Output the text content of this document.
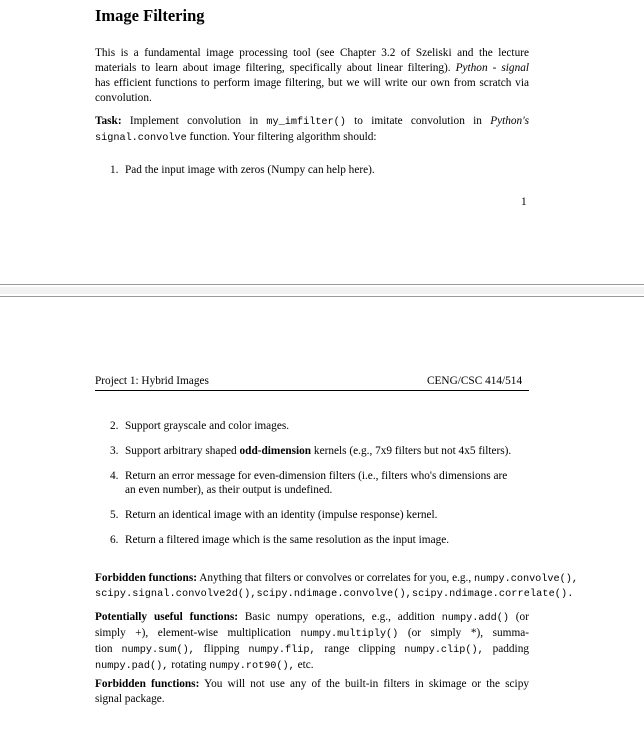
Image Filtering
This is a fundamental image processing tool (see Chapter 3.2 of Szeliski and the lecture
materials to learn about image filtering, specifically about linear filtering). Python - signal
has efficient functions to perform image filtering, but we will write our own from scratch via
convolution.
Task: Implement convolution in my_imfilter() to imitate convolution in Python's
signal.convolve function. Your filtering algorithm should:
1. Pad the input image with zeros (Numpy can help here).
1
Project 1: Hybrid Images	CENG/CSC 414/514
2. Support grayscale and color images.
3. Support arbitrary shaped odd-dimension kernels (e.g., 7x9 filters but not 4x5 filters).
4. Return an error message for even-dimension filters (i.e., filters who's dimensions are
an even number), as their output is undefined.
5. Return an identical image with an identity (impulse response) kernel.
6. Return a filtered image which is the same resolution as the input image.
Forbidden functions: Anything that filters or convolves or correlates for you, e.g., numpy.convolve(),
scipy.signal.convolve2d(),scipy.ndimage.convolve(),scipy.ndimage.correlate().
Potentially useful functions: Basic numpy operations, e.g., addition numpy.add() (or
simply +), element-wise multiplication numpy.multiply() (or simply *), summa-
tion numpy.sum(), flipping numpy.flip, range clipping numpy.clip(), padding
numpy.pad(), rotating numpy.rot90(), etc.
Forbidden functions: You will not use any of the built-in filters in skimage or the scipy
signal package.
